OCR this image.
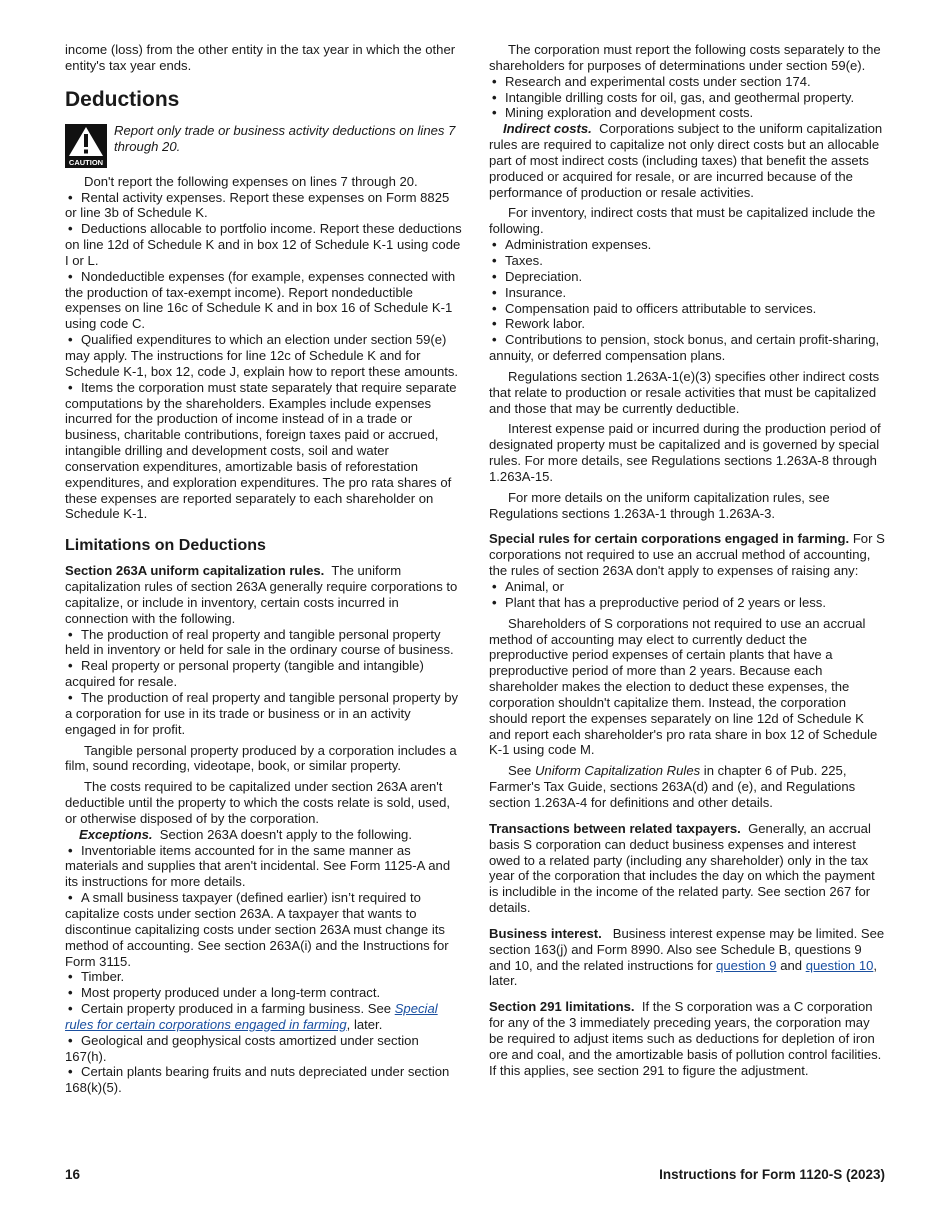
income (loss) from the other entity in the tax year in which the other entity's tax year ends.

Deductions
CAUTION
Report only trade or business activity deductions on lines 7 through 20.

Don't report the following expenses on lines 7 through 20.

• Rental activity expenses. Report these expenses on Form 8825 or line 3b of Schedule K.
• Deductions allocable to portfolio income. Report these deductions on line 12d of Schedule K and in box 12 of Schedule K-1 using code I or L.
• Nondeductible expenses (for example, expenses connected with the production of tax-exempt income). Report nondeductible expenses on line 16c of Schedule K and in box 16 of Schedule K-1 using code C.
• Qualified expenditures to which an election under section 59(e) may apply. The instructions for line 12c of Schedule K and for Schedule K-1, box 12, code J, explain how to report these amounts.
• Items the corporation must state separately that require separate computations by the shareholders. Examples include expenses incurred for the production of income instead of in a trade or business, charitable contributions, foreign taxes paid or accrued, intangible drilling and development costs, soil and water conservation expenditures, amortizable basis of reforestation expenditures, and exploration expenditures. The pro rata shares of these expenses are reported separately to each shareholder on Schedule K-1.
Limitations on Deductions

Section 263A uniform capitalization rules. The uniform capitalization rules of section 263A generally require corporations to capitalize, or include in inventory, certain costs incurred in connection with the following.

• The production of real property and tangible personal property held in inventory or held for sale in the ordinary course of business.
• Real property or personal property (tangible and intangible) acquired for resale.
• The production of real property and tangible personal property by a corporation for use in its trade or business or in an activity engaged in for profit.

Tangible personal property produced by a corporation includes a film, sound recording, videotape, book, or similar property.

The costs required to be capitalized under section 263A aren't deductible until the property to which the costs relate is sold, used, or otherwise disposed of by the corporation.

Exceptions. Section 263A doesn't apply to the following.

• Inventoriable items accounted for in the same manner as materials and supplies that aren't incidental. See Form 1125-A and its instructions for more details.
• A small business taxpayer (defined earlier) isn’t required to capitalize costs under section 263A. A taxpayer that wants to discontinue capitalizing costs under section 263A must change its method of accounting. See section 263A(i) and the Instructions for Form 3115.
• Timber.
• Most property produced under a long-term contract.
• Certain property produced in a farming business. See Special rules for certain corporations engaged in farming, later.
• Geological and geophysical costs amortized under section 167(h).
• Certain plants bearing fruits and nuts depreciated under section 168(k)(5).

The corporation must report the following costs separately to the shareholders for purposes of determinations under section 59(e).

• Research and experimental costs under section 174.
• Intangible drilling costs for oil, gas, and geothermal property.
• Mining exploration and development costs.

Indirect costs. Corporations subject to the uniform capitalization rules are required to capitalize not only direct costs but an allocable part of most indirect costs (including taxes) that benefit the assets produced or acquired for resale, or are incurred because of the performance of production or resale activities.

For inventory, indirect costs that must be capitalized include the following.

• Administration expenses.
• Taxes.
• Depreciation.
• Insurance.
• Compensation paid to officers attributable to services.
• Rework labor.
• Contributions to pension, stock bonus, and certain profit-sharing, annuity, or deferred compensation plans.

Regulations section 1.263A-1(e)(3) specifies other indirect costs that relate to production or resale activities that must be capitalized and those that may be currently deductible.

Interest expense paid or incurred during the production period of designated property must be capitalized and is governed by special rules. For more details, see Regulations sections 1.263A-8 through 1.263A-15.

For more details on the uniform capitalization rules, see Regulations sections 1.263A-1 through 1.263A-3.

Special rules for certain corporations engaged in farming. For S corporations not required to use an accrual method of accounting, the rules of section 263A don't apply to expenses of raising any:

• Animal, or
• Plant that has a preproductive period of 2 years or less.

Shareholders of S corporations not required to use an accrual method of accounting may elect to currently deduct the preproductive period expenses of certain plants that have a preproductive period of more than 2 years. Because each shareholder makes the election to deduct these expenses, the corporation shouldn't capitalize them. Instead, the corporation should report the expenses separately on line 12d of Schedule K and report each shareholder's pro rata share in box 12 of Schedule K-1 using code M.

See Uniform Capitalization Rules in chapter 6 of Pub. 225, Farmer's Tax Guide, sections 263A(d) and (e), and Regulations section 1.263A-4 for definitions and other details.

Transactions between related taxpayers. Generally, an accrual basis S corporation can deduct business expenses and interest owed to a related party (including any shareholder) only in the tax year of the corporation that includes the day on which the payment is includible in the income of the related party. See section 267 for details.

Business interest. Business interest expense may be limited. See section 163(j) and Form 8990. Also see Schedule B, questions 9 and 10, and the related instructions for question 9 and question 10, later.

Section 291 limitations. If the S corporation was a C corporation for any of the 3 immediately preceding years, the corporation may be required to adjust items such as deductions for depletion of iron ore and coal, and the amortizable basis of pollution control facilities. If this applies, see section 291 to figure the adjustment.

16	Instructions for Form 1120-S (2023)
